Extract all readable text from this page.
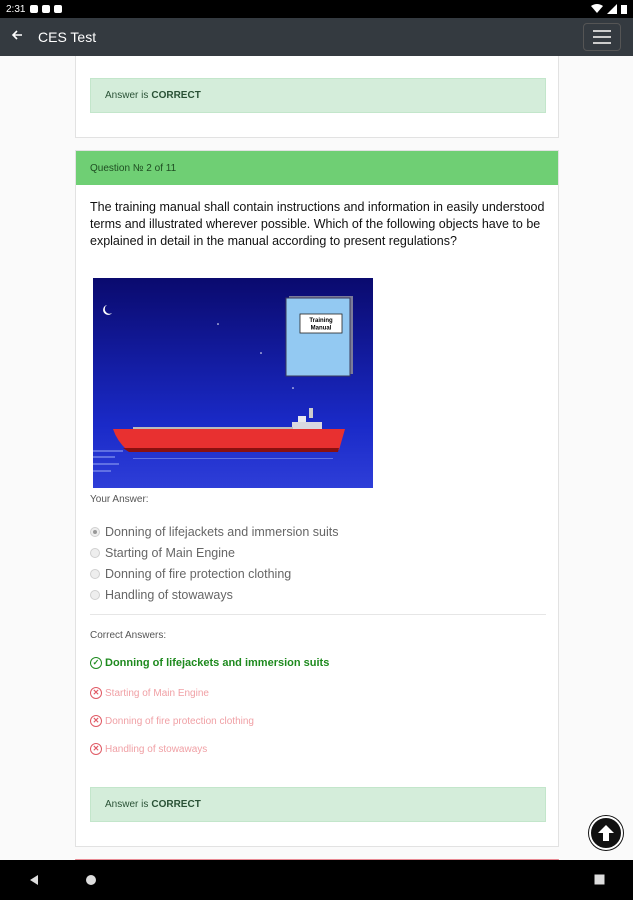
2:31
CES Test
Answer is CORRECT
Question № 2 of 11
The training manual shall contain instructions and information in easily understood terms and illustrated wherever possible. Which of the following objects have to be explained in detail in the manual according to present regulations?
Training
Manual
Your Answer:
Donning of lifejackets and immersion suits
Starting of Main Engine
Donning of fire protection clothing
Handling of stowaways
Correct Answers:
✓ Donning of lifejackets and immersion suits
✕ Starting of Main Engine
✕ Donning of fire protection clothing
✕ Handling of stowaways
Answer is CORRECT
